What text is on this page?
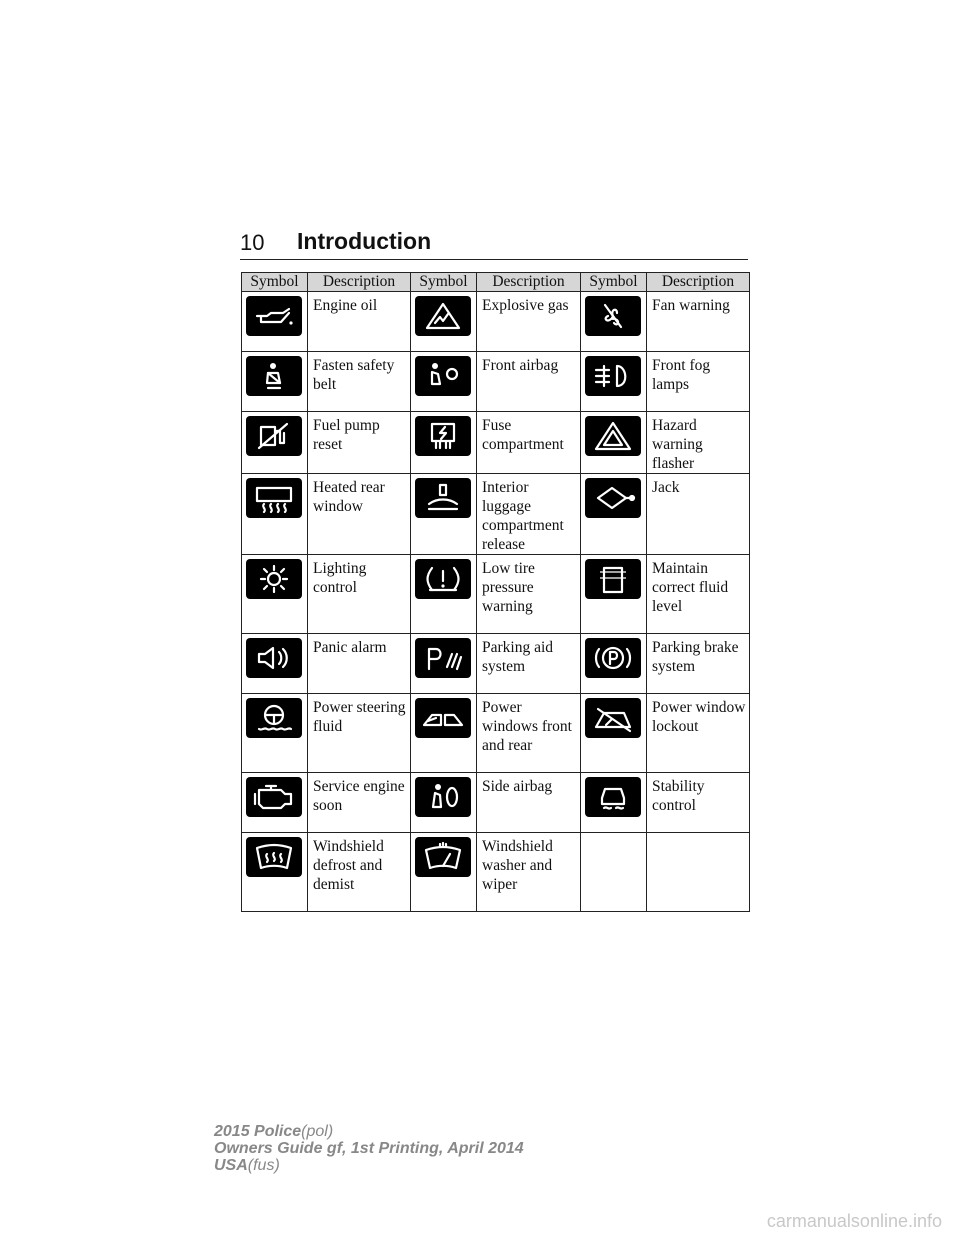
10 Introduction
Symbol	Description	Symbol	Description	Symbol	Description

	Engine oil		Explosive gas		Fan warning

	Fasten safety belt		Front airbag		Front fog lamps

	Fuel pump reset		Fuse compartment		Hazard warning flasher

	Heated rear window		Interior luggage compartment release		Jack

	Lighting control		Low tire pressure warning		Maintain correct fluid level

	Panic alarm		Parking aid system		Parking brake system

	Power steering fluid		Power windows front and rear		Power window lockout

	Service engine soon		Side airbag		Stability control

	Windshield defrost and demist		Windshield washer and wiper		
2015 Police(pol)
Owners Guide gf, 1st Printing, April 2014
USA(fus)
carmanualsonline.info
